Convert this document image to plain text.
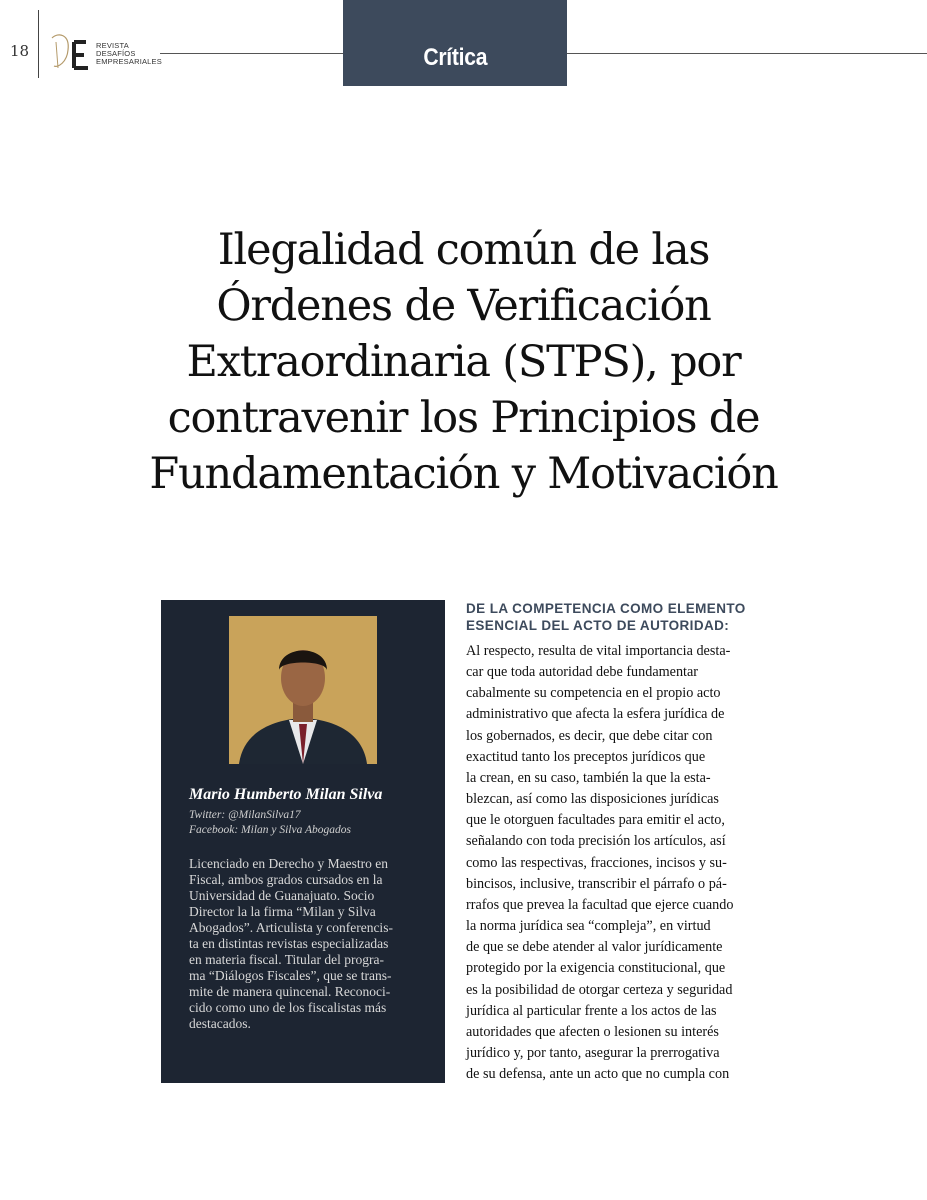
18	REVISTA
DESAFÍOS
EMPRESARIALES	Crítica
Ilegalidad común de las
Órdenes de Verificación
Extraordinaria (STPS), por
contravenir los Principios de
Fundamentación y Motivación
Mario Humberto Milan Silva
Twitter: @MilanSilva17
Facebook: Milan y Silva Abogados
Licenciado en Derecho y Maestro en
Fiscal, ambos grados cursados en la
Universidad de Guanajuato. Socio
Director la la firma “Milan y Silva
Abogados”. Articulista y conferencis-
ta en distintas revistas especializadas
en materia fiscal. Titular del progra-
ma “Diálogos Fiscales”, que se trans-
mite de manera quincenal. Reconoci-
cido como uno de los fiscalistas más
destacados.
DE LA COMPETENCIA COMO ELEMENTO
ESENCIAL DEL ACTO DE AUTORIDAD:
Al respecto, resulta de vital importancia desta-
car que toda autoridad debe fundamentar
cabalmente su competencia en el propio acto
administrativo que afecta la esfera jurídica de
los gobernados, es decir, que debe citar con
exactitud tanto los preceptos jurídicos que
la crean, en su caso, también la que la esta-
blezcan, así como las disposiciones jurídicas
que le otorguen facultades para emitir el acto,
señalando con toda precisión los artículos, así
como las respectivas, fracciones, incisos y su-
bincisos, inclusive, transcribir el párrafo o pá-
rrafos que prevea la facultad que ejerce cuando
la norma jurídica sea “compleja”, en virtud
de que se debe atender al valor jurídicamente
protegido por la exigencia constitucional, que
es la posibilidad de otorgar certeza y seguridad
jurídica al particular frente a los actos de las
autoridades que afecten o lesionen su interés
jurídico y, por tanto, asegurar la prerrogativa
de su defensa, ante un acto que no cumpla con
